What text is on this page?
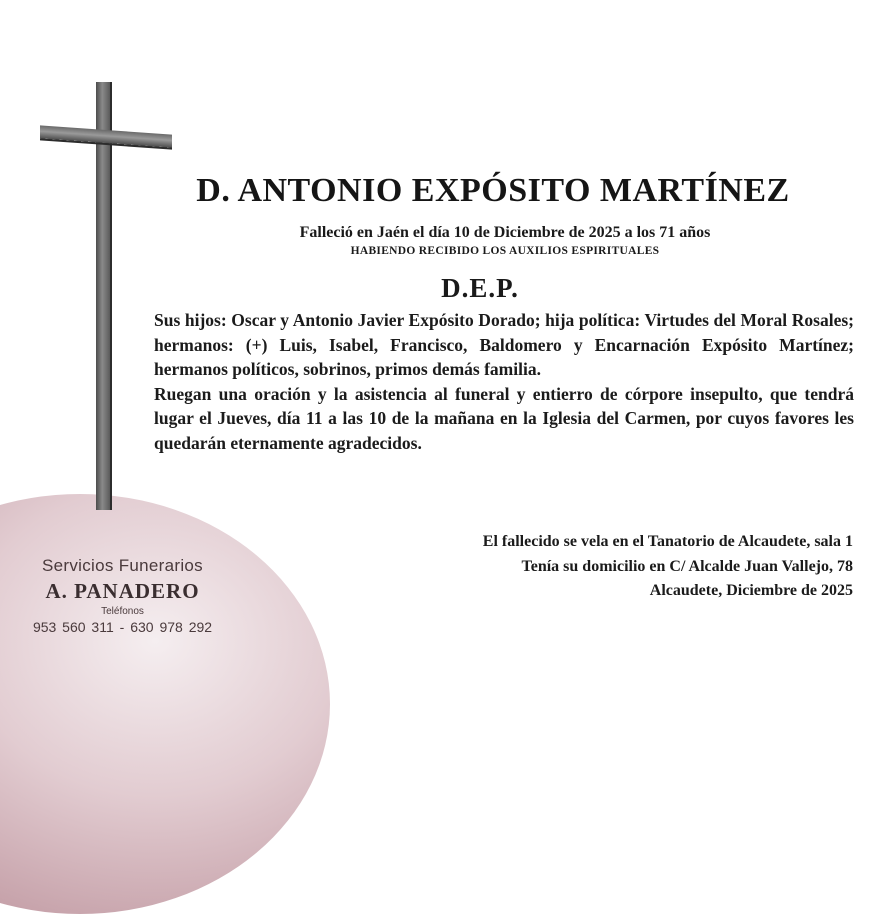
D. ANTONIO EXPÓSITO MARTÍNEZ
Falleció en Jaén el día 10 de Diciembre de 2025 a los 71 años
HABIENDO RECIBIDO LOS AUXILIOS ESPIRITUALES
D.E.P.

Sus hijos: Oscar y Antonio Javier Expósito Dorado; hija política: Virtudes del Moral Rosales; hermanos: (+) Luis, Isabel, Francisco, Baldomero y Encarnación Expósito Martínez; hermanos políticos, sobrinos, primos demás familia.

Ruegan una oración y la asistencia al funeral y entierro de córpore insepulto, que tendrá lugar el Jueves, día 11 a las 10 de la mañana en la Iglesia del Carmen, por cuyos favores les quedarán eternamente agradecidos.

El fallecido se vela en el Tanatorio de Alcaudete, sala 1
Tenía su domicilio en C/ Alcalde Juan Vallejo, 78
Alcaudete, Diciembre de 2025
Servicios Funerarios
A. PANADERO
Teléfonos
953 560 311 - 630 978 292
